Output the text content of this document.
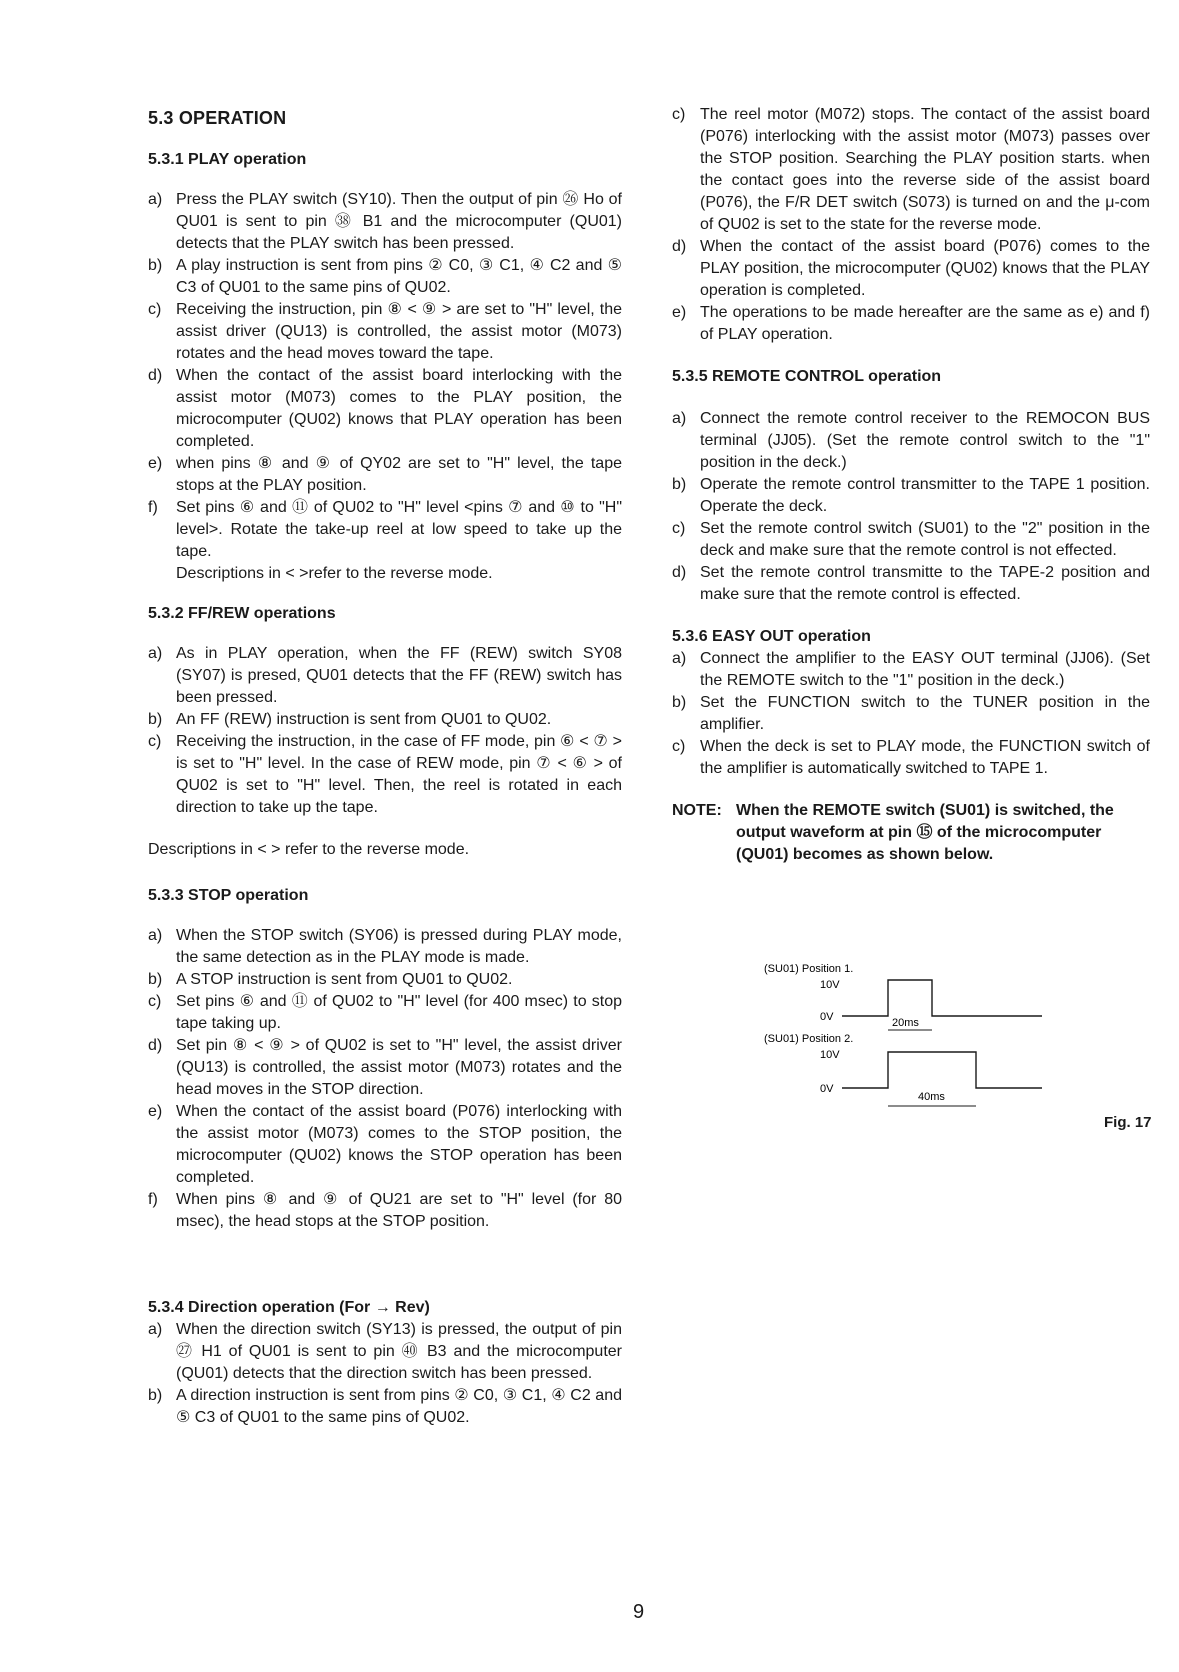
5.3 OPERATION
5.3.1 PLAY operation
a) Press the PLAY switch (SY10). Then the output of pin ㉖ Ho of QU01 is sent to pin ㊳ B1 and the microcomputer (QU01) detects that the PLAY switch has been pressed.
b) A play instruction is sent from pins ② C0, ③ C1, ④ C2 and ⑤ C3 of QU01 to the same pins of QU02.
c) Receiving the instruction, pin ⑧ < ⑨ > are set to "H" level, the assist driver (QU13) is controlled, the assist motor (M073) rotates and the head moves toward the tape.
d) When the contact of the assist board interlocking with the assist motor (M073) comes to the PLAY position, the microcomputer (QU02) knows that PLAY operation has been completed.
e) when pins ⑧ and ⑨ of QY02 are set to "H" level, the tape stops at the PLAY position.
f)	Set pins ⑥ and ⑪ of QU02 to "H" level <pins ⑦ and ⑩ to "H" level>. Rotate the take-up reel at low speed to take up the tape.
Descriptions in < >refer to the reverse mode.
5.3.2 FF/REW operations
a) As in PLAY operation, when the FF (REW) switch SY08 (SY07) is presed, QU01 detects that the FF (REW) switch has been pressed.
b) An FF (REW) instruction is sent from QU01 to QU02.
c) Receiving the instruction, in the case of FF mode, pin ⑥ < ⑦ > is set to "H" level. In the case of REW mode, pin ⑦ < ⑥ > of QU02 is set to "H" level. Then, the reel is rotated in each direction to take up the tape.

Descriptions in < > refer to the reverse mode.

5.3.3 STOP operation
a) When the STOP switch (SY06) is pressed during PLAY mode, the same detection as in the PLAY mode is made.
b) A STOP instruction is sent from QU01 to QU02.
c) Set pins ⑥ and ⑪ of QU02 to "H" level (for 400 msec) to stop tape taking up.
d) Set pin ⑧ < ⑨ > of QU02 is set to "H" level, the assist driver (QU13) is controlled, the assist motor (M073) rotates and the head moves in the STOP direction.
e) When the contact of the assist board (P076) interlocking with the assist motor (M073) comes to the STOP position, the microcomputer (QU02) knows the STOP operation has been completed.
f)	When pins ⑧ and ⑨ of QU21 are set to "H" level (for 80 msec), the head stops at the STOP position.
5.3.4 Direction operation (For → Rev)
a) When the direction switch (SY13) is pressed, the output of pin ㉗ H1 of QU01 is sent to pin ㊵ B3 and the microcomputer (QU01) detects that the direction switch has been pressed.
b) A direction instruction is sent from pins ② C0, ③ C1, ④ C2 and ⑤ C3 of QU01 to the same pins of QU02.
c) The reel motor (M072) stops. The contact of the assist board (P076) interlocking with the assist motor (M073) passes over the STOP position. Searching the PLAY position starts. when the contact goes into the reverse side of the assist board (P076), the F/R DET switch (S073) is turned on and the μ-com of QU02 is set to the state for the reverse mode.
d) When the contact of the assist board (P076) comes to the PLAY position, the microcomputer (QU02) knows that the PLAY operation is completed.
e) The operations to be made hereafter are the same as e) and f) of PLAY operation.
5.3.5 REMOTE CONTROL operation
a) Connect the remote control receiver to the REMOCON BUS terminal (JJ05). (Set the remote control switch to the "1" position in the deck.)
b) Operate the remote control transmitter to the TAPE 1 position. Operate the deck.
c) Set the remote control switch (SU01) to the "2" position in the deck and make sure that the remote control is not effected.
d) Set the remote control transmitte to the TAPE-2 position and make sure that the remote control is effected.
5.3.6 EASY OUT operation
a) Connect the amplifier to the EASY OUT terminal (JJ06). (Set the REMOTE switch to the "1" position in the deck.)
b) Set the FUNCTION switch to the TUNER position in the amplifier.
c) When the deck is set to PLAY mode, the FUNCTION switch of the amplifier is automatically switched to TAPE 1.
NOTE: When the REMOTE switch (SU01) is switched, the output waveform at pin ⑮ of the microcomputer (QU01) becomes as shown below.
(SU01) Position 1.
10V
0V	20ms
(SU01) Position 2.
10V
0V
40ms
Fig. 17
9
